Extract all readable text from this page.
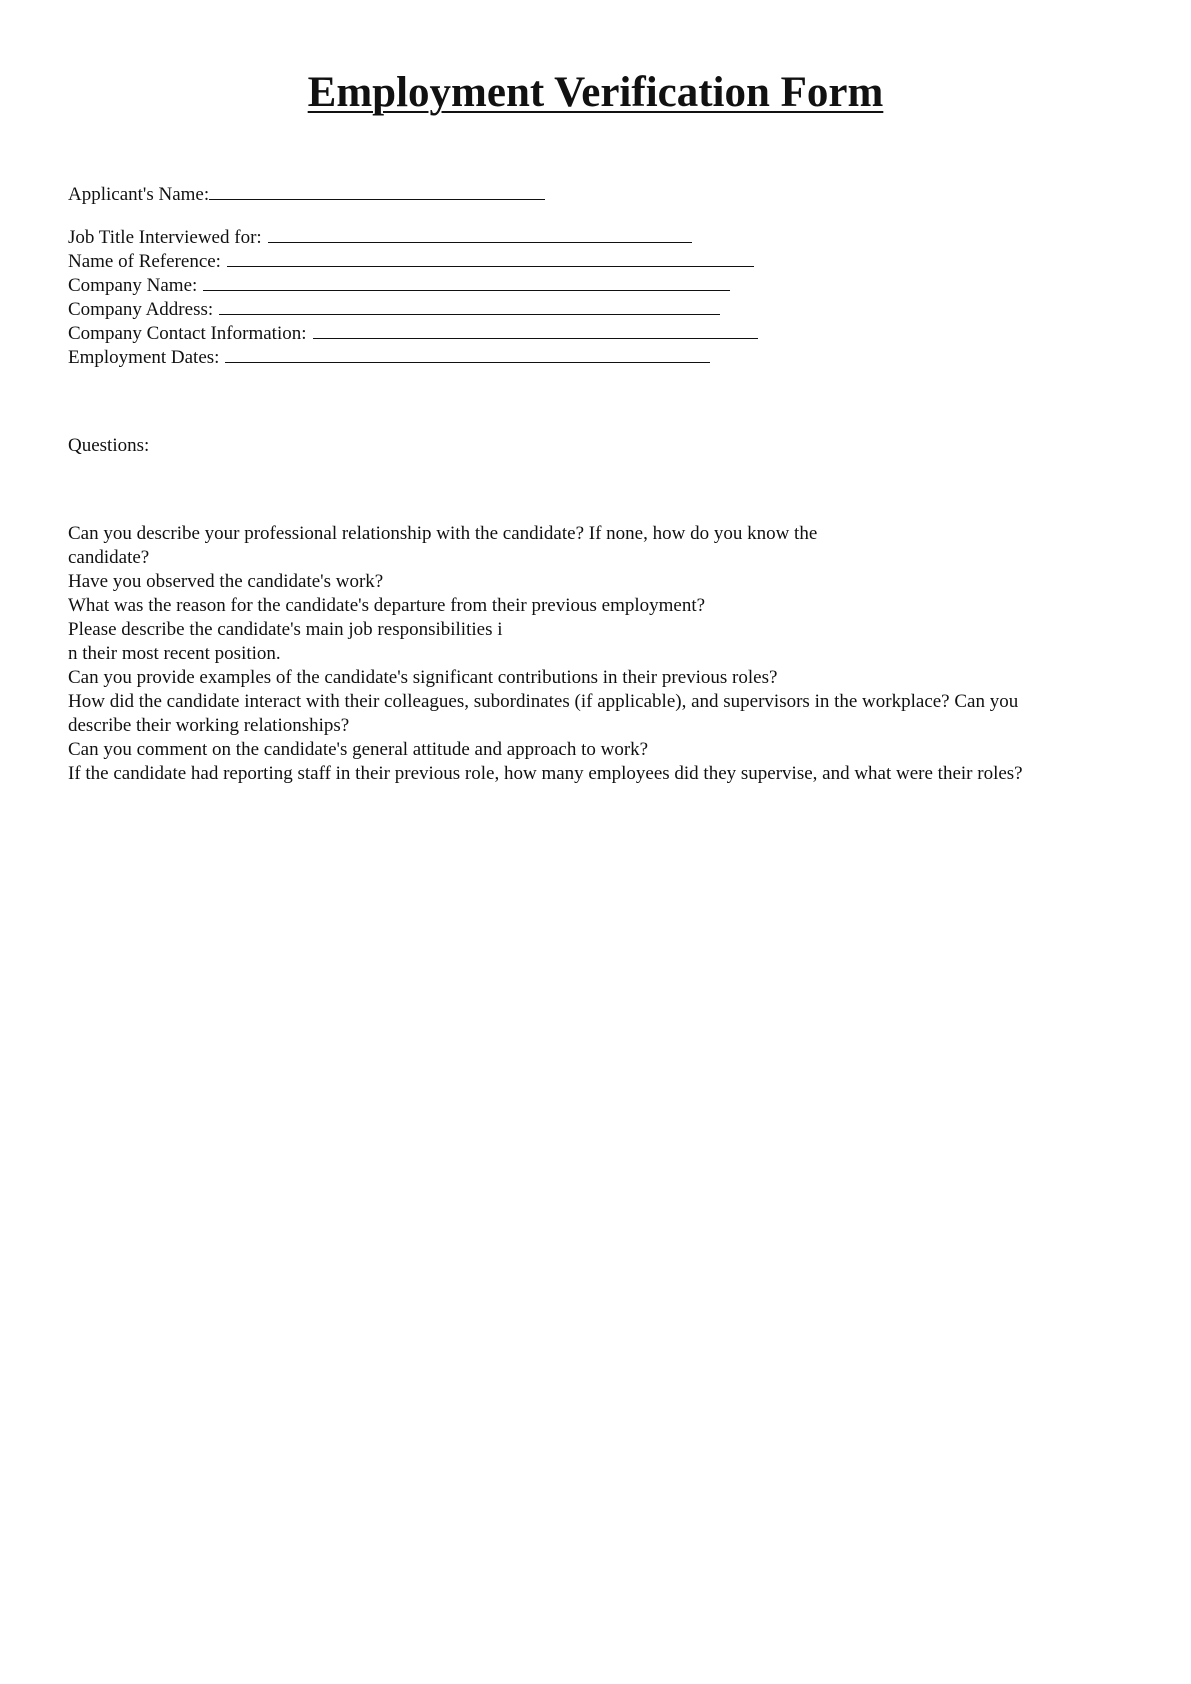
Employment Verification Form
Applicant's Name:
Job Title Interviewed for:
Name of Reference:
Company Name:
Company Address:
Company Contact Information:
Employment Dates:
Questions:
Can you describe your professional relationship with the candidate? If none, how do you know the
candidate?
Have you observed the candidate's work?
What was the reason for the candidate's departure from their previous employment?
Please describe the candidate's main job responsibilities i
n their most recent position.
Can you provide examples of the candidate's significant contributions in their previous roles?
How did the candidate interact with their colleagues, subordinates (if applicable), and supervisors in the workplace? Can you
describe their working relationships?
Can you comment on the candidate's general attitude and approach to work?
If the candidate had reporting staff in their previous role, how many employees did they supervise, and what were their roles?
